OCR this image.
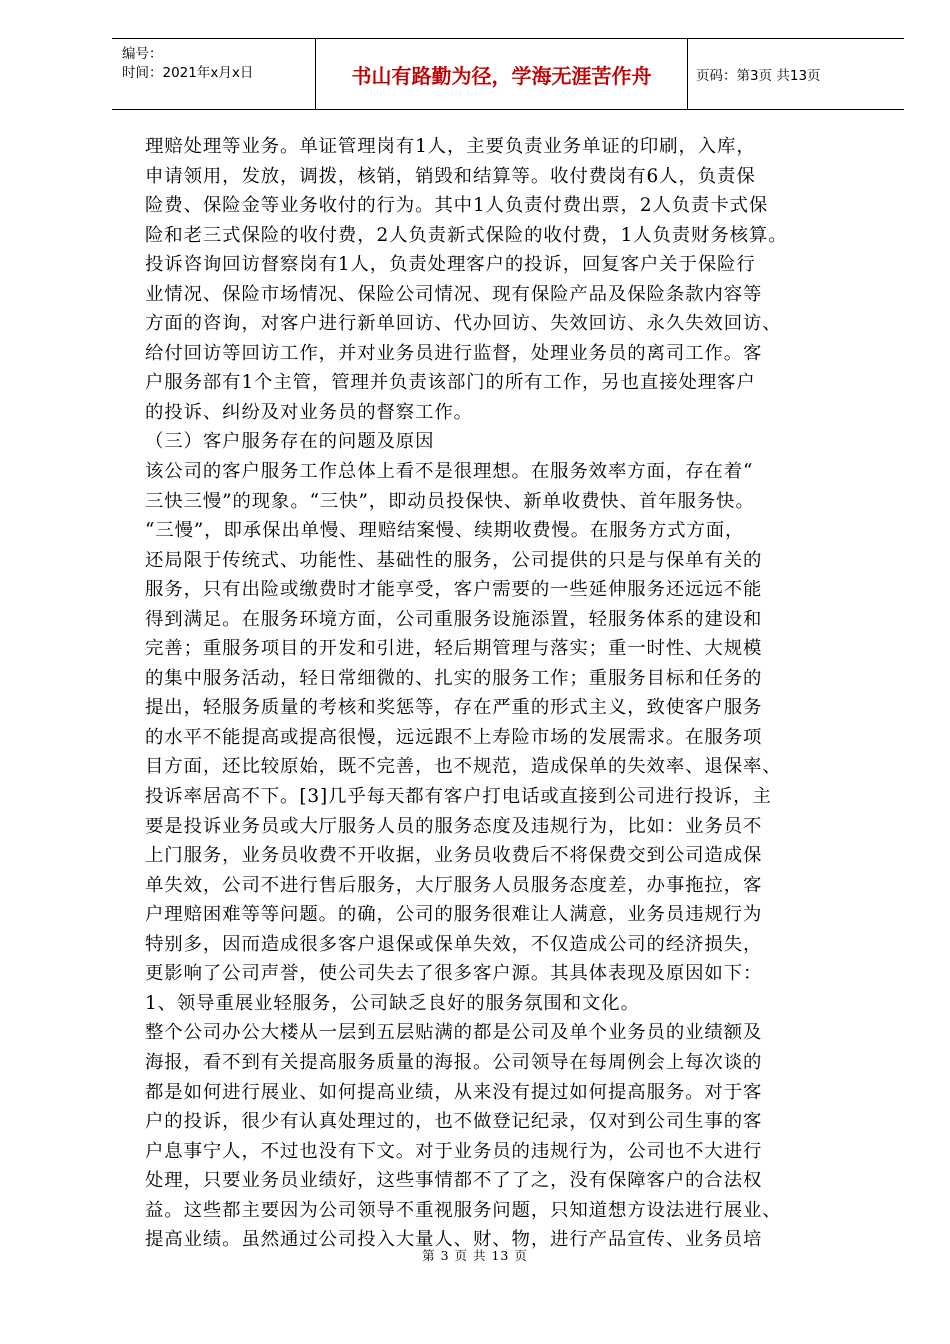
编号：
时间：2021年x月x日	书山有路勤为径，学海无涯苦作舟	页码：第3页 共13页
理赔处理等业务。单证管理岗有1人，主要负责业务单证的印刷，入库，
申请领用，发放，调拨，核销，销毁和结算等。收付费岗有6人，负责保
险费、保险金等业务收付的行为。其中1人负责付费出票，2人负责卡式保
险和老三式保险的收付费，2人负责新式保险的收付费，1人负责财务核算。
投诉咨询回访督察岗有1人，负责处理客户的投诉，回复客户关于保险行
业情况、保险市场情况、保险公司情况、现有保险产品及保险条款内容等
方面的咨询，对客户进行新单回访、代办回访、失效回访、永久失效回访、
给付回访等回访工作，并对业务员进行监督，处理业务员的离司工作。客
户服务部有1个主管，管理并负责该部门的所有工作，另也直接处理客户
的投诉、纠纷及对业务员的督察工作。
（三）客户服务存在的问题及原因
该公司的客户服务工作总体上看不是很理想。在服务效率方面，存在着“
三快三慢”的现象。“三快”，即动员投保快、新单收费快、首年服务快。
“三慢”，即承保出单慢、理赔结案慢、续期收费慢。在服务方式方面，
还局限于传统式、功能性、基础性的服务，公司提供的只是与保单有关的
服务，只有出险或缴费时才能享受，客户需要的一些延伸服务还远远不能
得到满足。在服务环境方面，公司重服务设施添置，轻服务体系的建设和
完善；重服务项目的开发和引进，轻后期管理与落实；重一时性、大规模
的集中服务活动，轻日常细微的、扎实的服务工作；重服务目标和任务的
提出，轻服务质量的考核和奖惩等，存在严重的形式主义，致使客户服务
的水平不能提高或提高很慢，远远跟不上寿险市场的发展需求。在服务项
目方面，还比较原始，既不完善，也不规范，造成保单的失效率、退保率、
投诉率居高不下。[3]几乎每天都有客户打电话或直接到公司进行投诉，主
要是投诉业务员或大厅服务人员的服务态度及违规行为，比如：业务员不
上门服务，业务员收费不开收据，业务员收费后不将保费交到公司造成保
单失效，公司不进行售后服务，大厅服务人员服务态度差，办事拖拉，客
户理赔困难等等问题。的确，公司的服务很难让人满意，业务员违规行为
特别多，因而造成很多客户退保或保单失效，不仅造成公司的经济损失，
更影响了公司声誉，使公司失去了很多客户源。其具体表现及原因如下：
1、领导重展业轻服务，公司缺乏良好的服务氛围和文化。
整个公司办公大楼从一层到五层贴满的都是公司及单个业务员的业绩额及
海报，看不到有关提高服务质量的海报。公司领导在每周例会上每次谈的
都是如何进行展业、如何提高业绩，从来没有提过如何提高服务。对于客
户的投诉，很少有认真处理过的，也不做登记纪录，仅对到公司生事的客
户息事宁人，不过也没有下文。对于业务员的违规行为，公司也不大进行
处理，只要业务员业绩好，这些事情都不了了之，没有保障客户的合法权
益。这些都主要因为公司领导不重视服务问题，只知道想方设法进行展业、
提高业绩。虽然通过公司投入大量人、财、物，进行产品宣传、业务员培
第 3 页 共 13 页
